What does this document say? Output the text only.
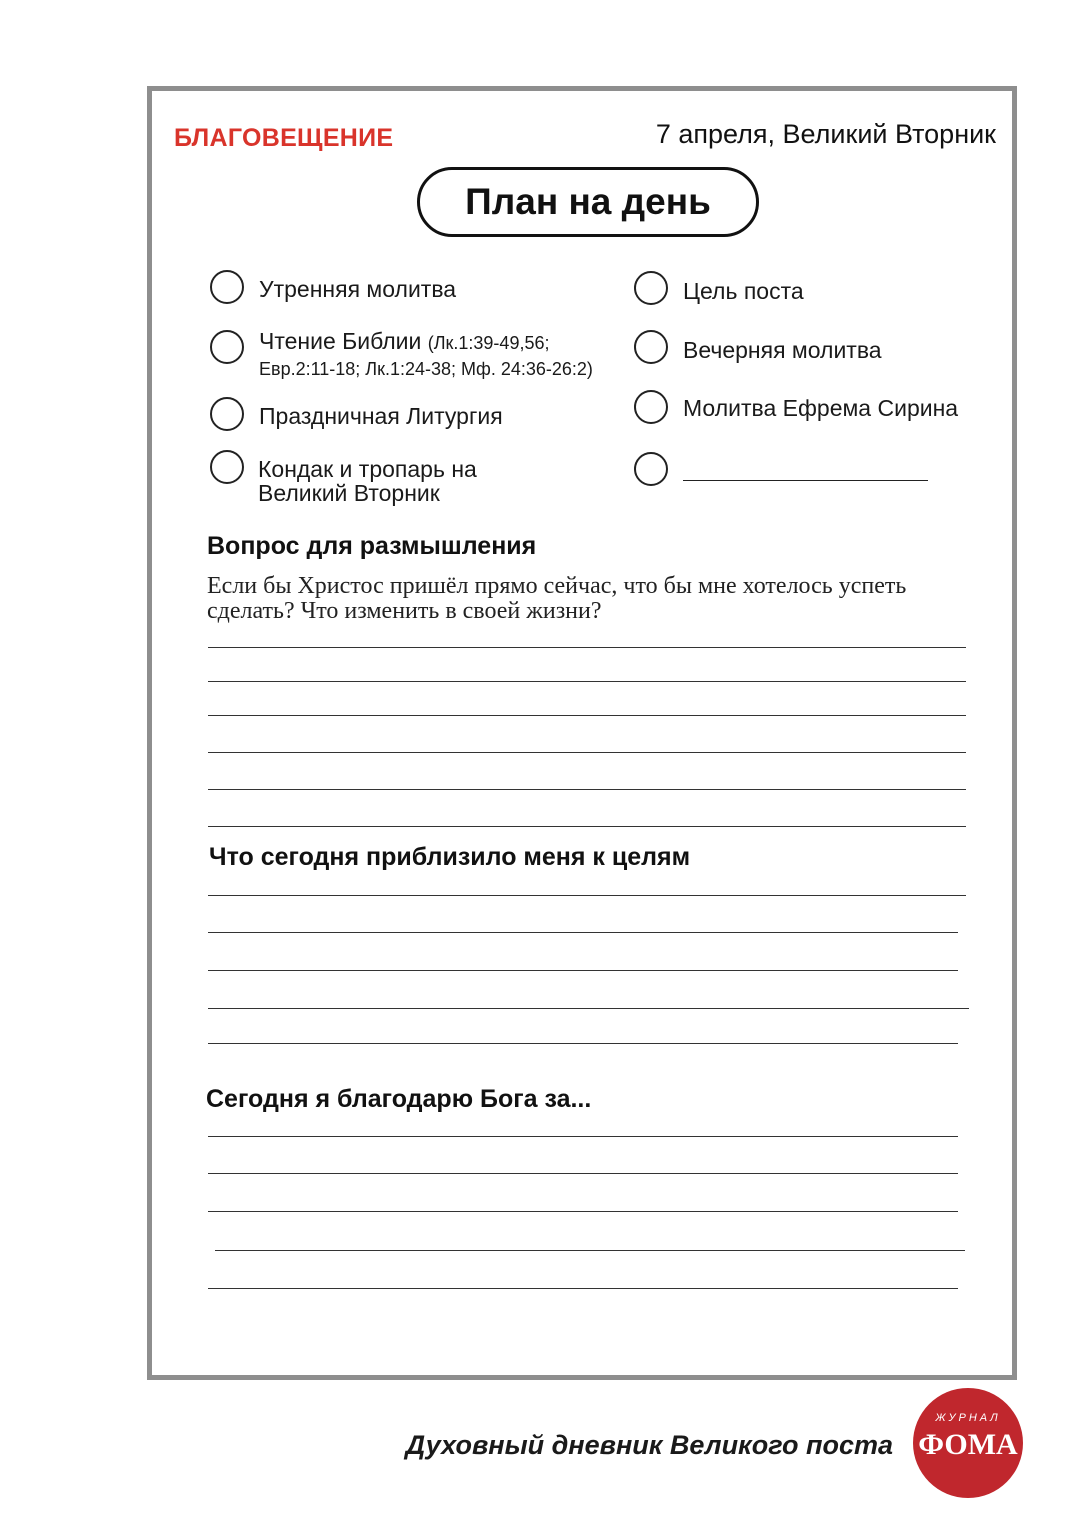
БЛАГОВЕЩЕНИЕ	7 апреля, Великий Вторник
План на день
Утренняя молитва
Чтение Библии (Лк.1:39-49,56;
Евр.2:11-18; Лк.1:24-38; Мф. 24:36-26:2)
Праздничная Литургия
Кондак и тропарь на
Великий Вторник
Цель поста
Вечерняя молитва
Молитва Ефрема Сирина
Вопрос для размышления
Если бы Христос пришёл прямо сейчас, что бы мне хотелось успеть сделать? Что изменить в своей жизни?
Что сегодня приблизило меня к целям
Сегодня я благодарю Бога за...
Духовный дневник Великого поста
ЖУРНАЛ
ФОМА
